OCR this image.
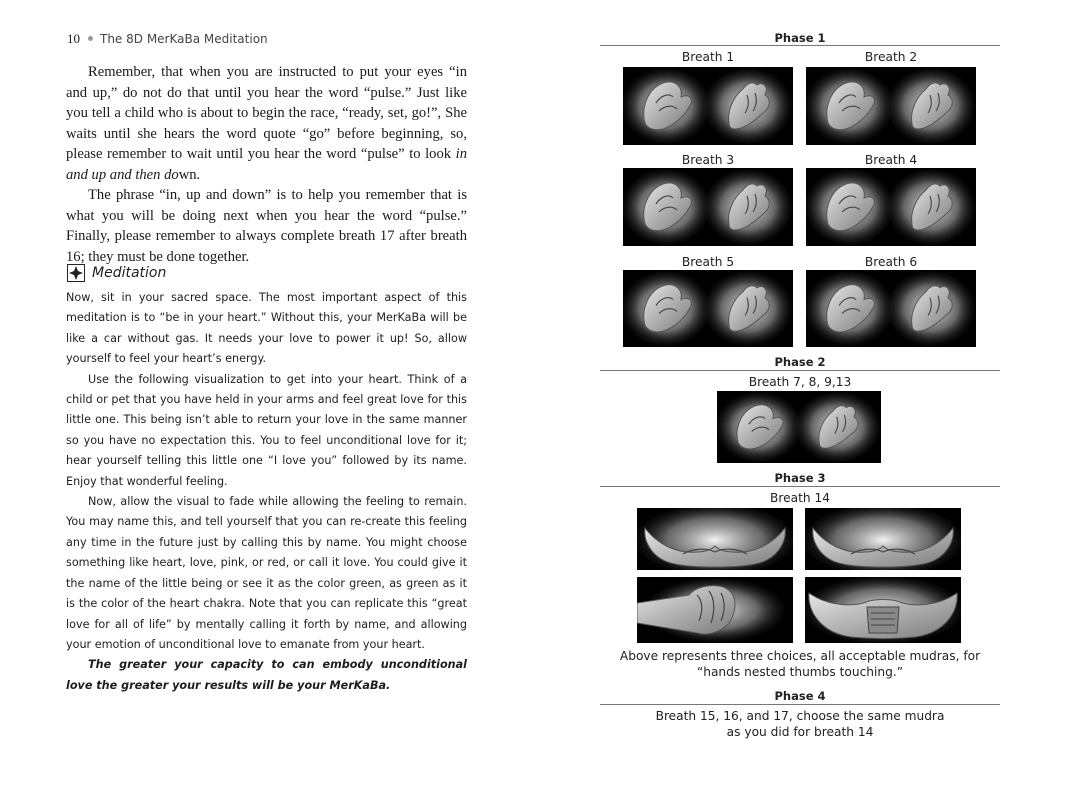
10 The 8D MerKaBa Meditation

Remember, that when you are instructed to put your eyes “in and up,” do not do that until you hear the word “pulse.” Just like you tell a child who is about to begin the race, “ready, set, go!”, She waits until she hears the word quote “go” before beginning, so, please remember to wait until you hear the word “pulse” to look in and up and then down.

The phrase “in, up and down” is to help you remember that is what you will be doing next when you hear the word “pulse.” Finally, please remember to always complete breath 17 after breath 16; they must be done together.

Meditation

Now, sit in your sacred space. The most important aspect of this meditation is to “be in your heart.” Without this, your MerKaBa will be like a car without gas. It needs your love to power it up! So, allow yourself to feel your heart’s energy.

Use the following visualization to get into your heart. Think of a child or pet that you have held in your arms and feel great love for this little one. This being isn’t able to return your love in the same manner so you have no expectation this. You to feel unconditional love for it; hear yourself telling this little one “I love you” followed by its name. Enjoy that wonderful feeling.

Now, allow the visual to fade while allowing the feeling to remain. You may name this, and tell yourself that you can re-create this feeling any time in the future just by calling this by name. You might choose something like heart, love, pink, or red, or call it love. You could give it the name of the little being or see it as the color green, as green as it is the color of the heart chakra. Note that you can replicate this “great love for all of life” by mentally calling it forth by name, and allowing your emotion of unconditional love to emanate from your heart.

The greater your capacity to can embody unconditional love the greater your results will be your MerKaBa.

Phase 1
Breath 1	Breath 2
Breath 3	Breath 4
Breath 5	Breath 6
Phase 2
Breath 7, 8, 9,13
Phase 3
Breath 14
Above represents three choices, all acceptable mudras, for “hands nested thumbs touching.”
Phase 4
Breath 15, 16, and 17, choose the same mudra
as you did for breath 14
